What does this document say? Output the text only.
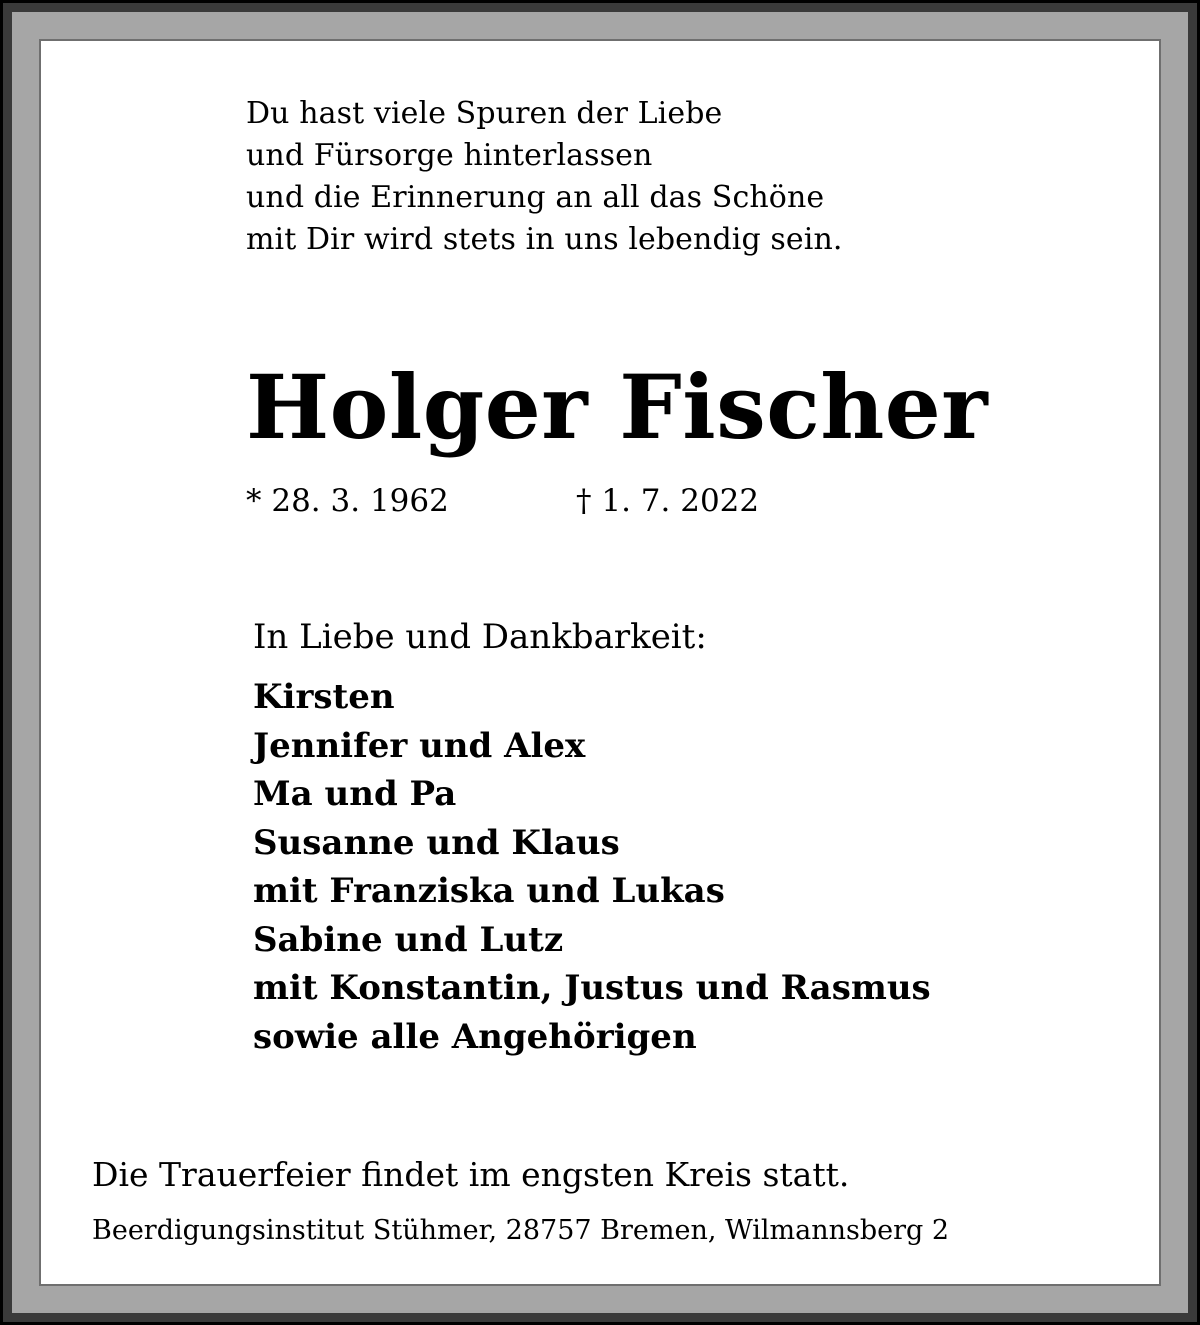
Du hast viele Spuren der Liebe
und Fürsorge hinterlassen
und die Erinnerung an all das Schöne
mit Dir wird stets in uns lebendig sein.
Holger Fischer
* 28. 3. 1962	† 1. 7. 2022
In Liebe und Dankbarkeit:
Kirsten
Jennifer und Alex
Ma und Pa
Susanne und Klaus
mit Franziska und Lukas
Sabine und Lutz
mit Konstantin, Justus und Rasmus
sowie alle Angehörigen
Die Trauerfeier findet im engsten Kreis statt.
Beerdigungsinstitut Stühmer, 28757 Bremen, Wilmannsberg 2
